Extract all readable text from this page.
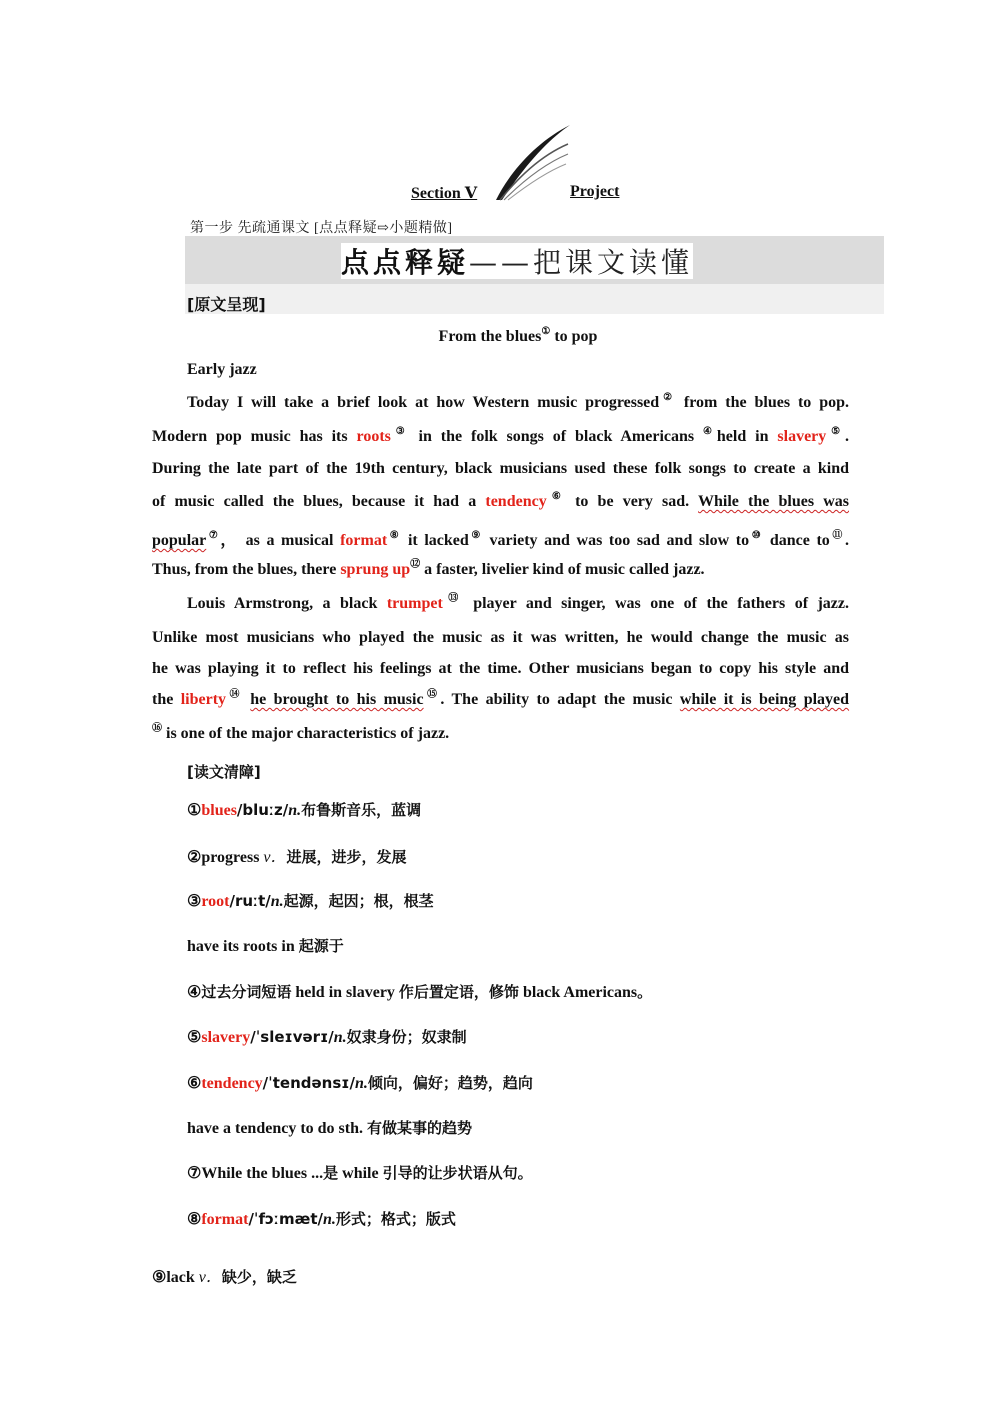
Section Ⅴ	Project
第一步 先疏通课文 [点点释疑⇨小题精做]
点点释疑 ——把课文读懂
[原文呈现]
From the blues① to pop
Early jazz
Today I will take a brief look at how Western music progressed② from the blues to pop.
Modern pop music has its roots③ in the folk songs of black Americans ④held in slavery⑤.
During the late part of the 19th century, black musicians used these folk songs to create a kind
of music called the blues, because it had a tendency⑥ to be very sad. While the blues was
popular⑦， as a musical format⑧ it lacked⑨ variety and was too sad and slow to⑩ dance to⑪.
Thus, from the blues, there sprung up⑫ a faster, livelier kind of music called jazz.
Louis Armstrong, a black trumpet⑬ player and singer, was one of the fathers of jazz.
Unlike most musicians who played the music as it was written, he would change the music as
he was playing it to reflect his feelings at the time. Other musicians began to copy his style and
the liberty⑭ he brought to his music⑮. The ability to adapt the music while it is being played
⑯ is one of the major characteristics of jazz.
[读文清障]
①blues/bluːz/n.布鲁斯音乐，蓝调
②progress v．进展，进步，发展
③root/ruːt/n.起源，起因；根，根茎
have its roots in 起源于
④过去分词短语 held in slavery 作后置定语，修饰 black Americans。
⑤slavery/ˈsleɪvərɪ/n.奴隶身份；奴隶制
⑥tendency/ˈtendənsɪ/n.倾向，偏好；趋势，趋向
have a tendency to do sth. 有做某事的趋势
⑦While the blues ...是 while 引导的让步状语从句。
⑧format/ˈfɔːmæt/n.形式；格式；版式
⑨lack v．缺少，缺乏
